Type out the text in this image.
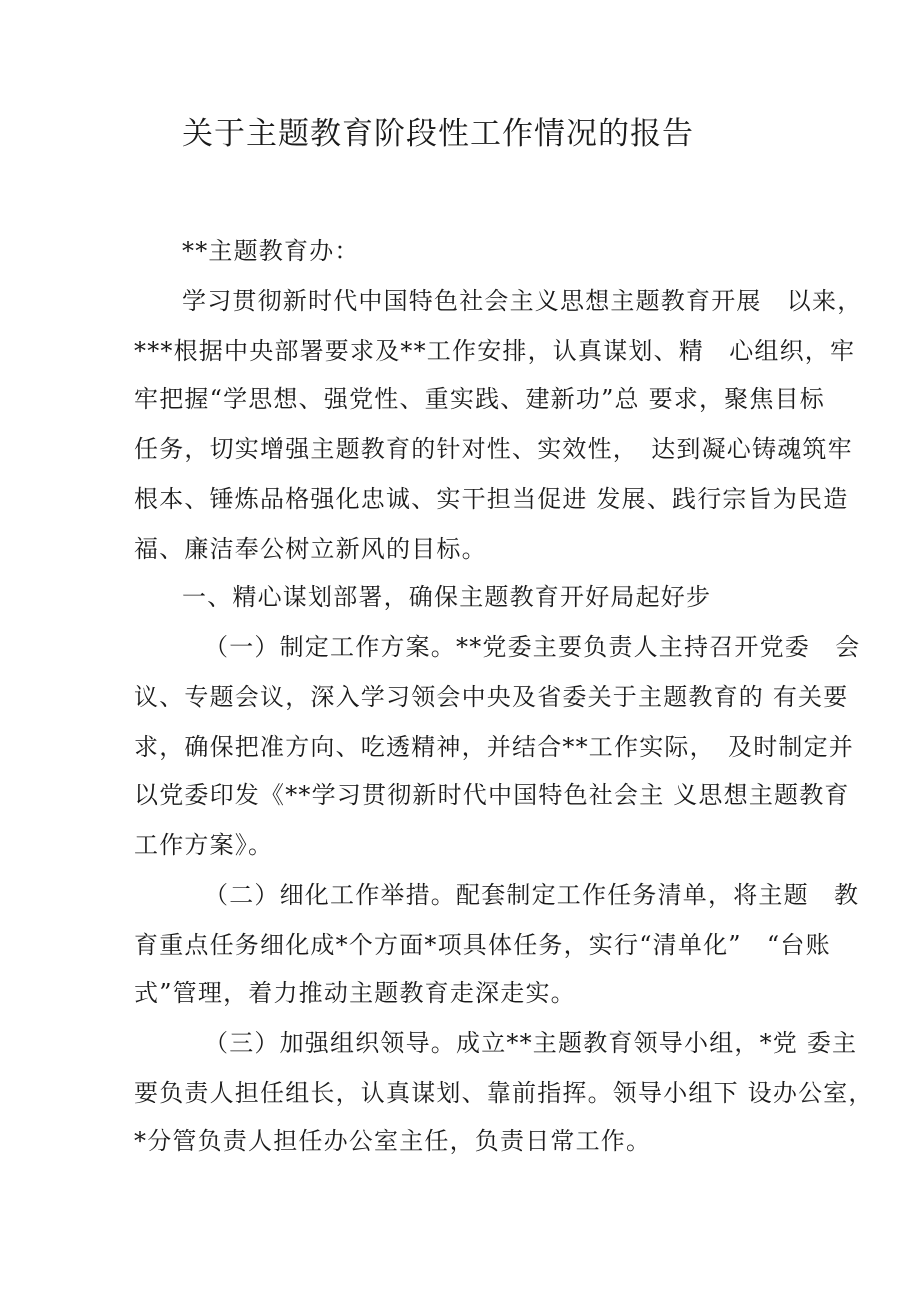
关于主题教育阶段性工作情况的报告
**主题教育办：
学习贯彻新时代中国特色社会主义思想主题教育开展　以来，
***根据中央部署要求及**工作安排，认真谋划、精　心组织，牢
牢把握“学思想、强党性、重实践、建新功”总 要求，聚焦目标
任务，切实增强主题教育的针对性、实效性，　达到凝心铸魂筑牢
根本、锤炼品格强化忠诚、实干担当促进 发展、践行宗旨为民造
福、廉洁奉公树立新风的目标。
一、精心谋划部署，确保主题教育开好局起好步
（一）制定工作方案。**党委主要负责人主持召开党委　会
议、专题会议，深入学习领会中央及省委关于主题教育的 有关要
求，确保把准方向、吃透精神，并结合**工作实际，　及时制定并
以党委印发《**学习贯彻新时代中国特色社会主 义思想主题教育
工作方案》。
（二）细化工作举措。配套制定工作任务清单，将主题　教
育重点任务细化成*个方面*项具体任务，实行“清单化”　“台账
式”管理，着力推动主题教育走深走实。
（三）加强组织领导。成立**主题教育领导小组，*党 委主
要负责人担任组长，认真谋划、靠前指挥。领导小组下 设办公室，
*分管负责人担任办公室主任，负责日常工作。
